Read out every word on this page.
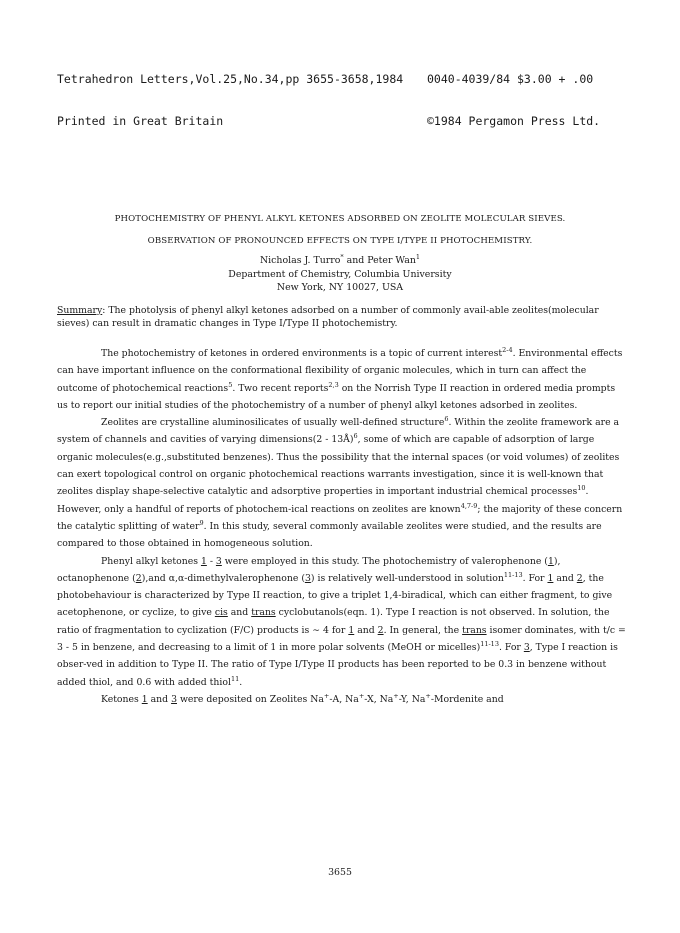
Tetrahedron Letters,Vol.25,No.34,pp 3655-3658,1984

Printed in Great Britain

0040-4039/84 $3.00 + .00

©1984 Pergamon Press Ltd.

PHOTOCHEMISTRY OF PHENYL ALKYL KETONES ADSORBED ON ZEOLITE MOLECULAR SIEVES.
OBSERVATION OF PRONOUNCED EFFECTS ON TYPE I/TYPE II PHOTOCHEMISTRY.
Nicholas J. Turro* and Peter Wan$^1$
Department of Chemistry, Columbia University
New York, NY 10027, USA
Summary: The photolysis of phenyl alkyl ketones adsorbed on a number of commonly avail-able zeolites(molecular sieves) can result in dramatic changes in Type I/Type II photochemistry.

The photochemistry of ketones in ordered environments is a topic of current interest$^{2-4}$. Environmental effects can have important influence on the conformational flexibility of organic molecules, which in turn can affect the outcome of photochemical reactions$^5$. Two recent reports$^{2,3}$ on the Norrish Type II reaction in ordered media prompts us to report our initial studies of the photochemistry of a number of phenyl alkyl ketones adsorbed in zeolites.

Zeolites are crystalline aluminosilicates of usually well-defined structure$^6$. Within the zeolite framework are a system of channels and cavities of varying dimensions(2 - 13Å)$^6$, some of which are capable of adsorption of large organic molecules(e.g.,substituted benzenes). Thus the possibility that the internal spaces (or void volumes) of zeolites can exert topological control on organic photochemical reactions warrants investigation, since it is well-known that zeolites display shape-selective catalytic and adsorptive properties in important industrial chemical processes$^{10}$. However, only a handful of reports of photochem-ical reactions on zeolites are known$^{4,7-9}$; the majority of these concern the catalytic splitting of water$^9$. In this study, several commonly available zeolites were studied, and the results are compared to those obtained in homogeneous solution.

Phenyl alkyl ketones 1 - 3 were employed in this study. The photochemistry of valerophenone (1), octanophenone (2),and α,α-dimethylvalerophenone (3) is relatively well-understood in solution$^{11-13}$. For 1 and 2, the photobehaviour is characterized by Type II reaction, to give a triplet 1,4-biradical, which can either fragment, to give acetophenone, or cyclize, to give cis and trans cyclobutanols(eqn. 1). Type I reaction is not observed. In solution, the ratio of fragmentation to cyclization (F/C) products is ∼ 4 for 1 and 2. In general, the trans isomer dominates, with t/c = 3 - 5 in benzene, and decreasing to a limit of 1 in more polar solvents (MeOH or micelles)$^{11-13}$. For 3, Type I reaction is obser-ved in addition to Type II. The ratio of Type I/Type II products has been reported to be 0.3 in benzene without added thiol, and 0.6 with added thiol$^{11}$.

Ketones 1 and 3 were deposited on Zeolites Na+-A, Na+-X, Na+-Y, Na+-Mordenite and

3655
